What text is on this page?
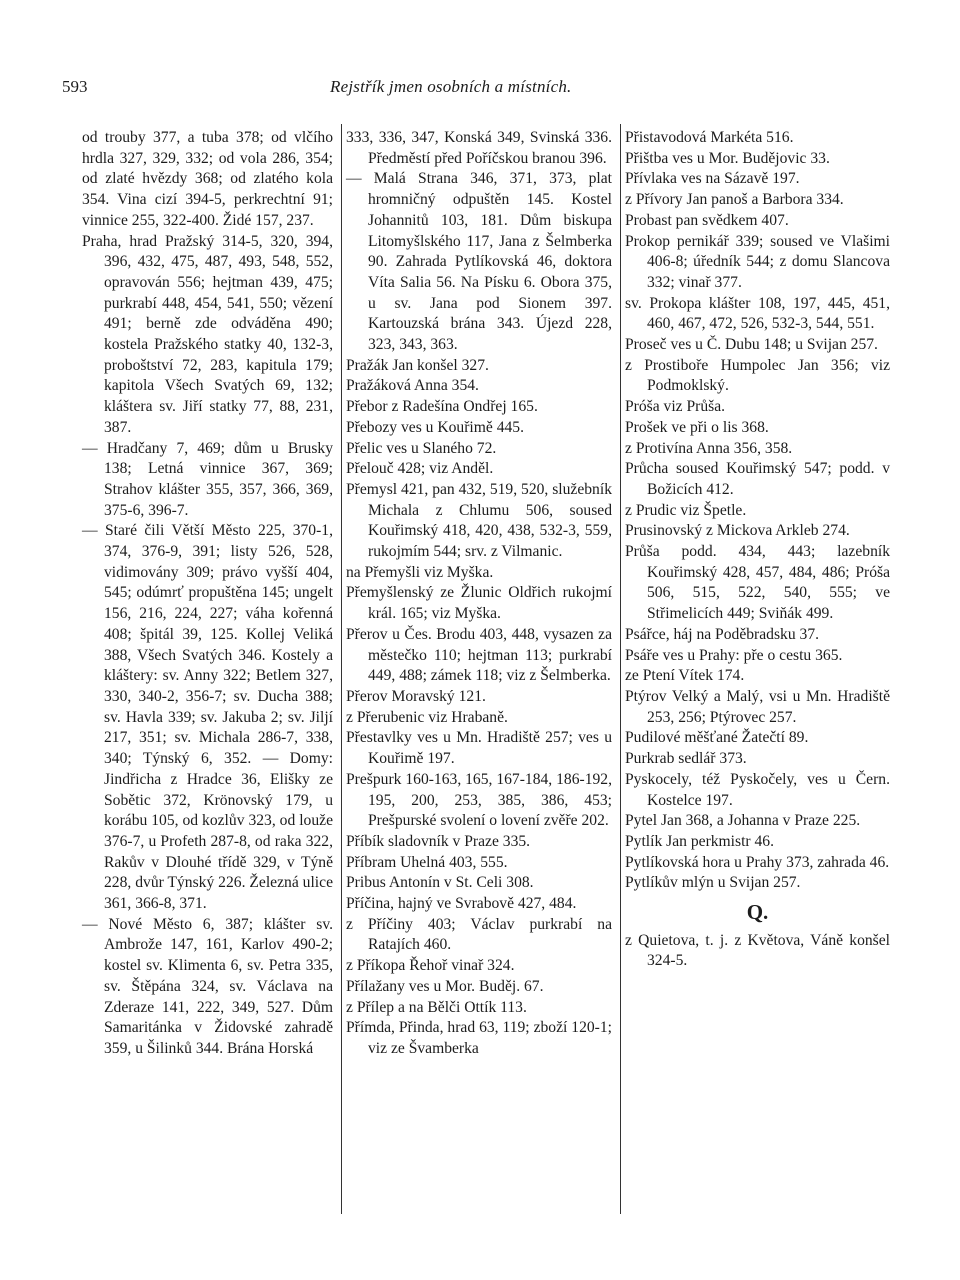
593	Rejstřík jmen osobních a místních.

od trouby 377, a tuba 378; od vlčího hrdla 327, 329, 332; od vola 286, 354; od zlaté hvězdy 368; od zlatého kola 354. Vina cizí 394-5, perkrechtní 91; vinnice 255, 322-400. Židé 157, 237.

Praha, hrad Pražský 314-5, 320, 394, 396, 432, 475, 487, 493, 548, 552, opravován 556; hejtman 439, 475; purkrabí 448, 454, 541, 550; vězení 491; berně zde odváděna 490; kostela Pražského statky 40, 132-3, proboštství 72, 283, kapitula 179; kapitola Všech Svatých 69, 132; kláštera sv. Jiří statky 77, 88, 231, 387.

— Hradčany 7, 469; dům u Brusky 138; Letná vinnice 367, 369; Strahov klášter 355, 357, 366, 369, 375-6, 396-7.

— Staré čili Větší Město 225, 370-1, 374, 376-9, 391; listy 526, 528, vidimovány 309; právo vyšší 404, 545; odúmrť propuštěna 145; ungelt 156, 216, 224, 227; váha kořenná 408; špitál 39, 125. Kollej Veliká 388, Všech Svatých 346. Kostely a kláštery: sv. Anny 322; Betlem 327, 330, 340-2, 356-7; sv. Ducha 388; sv. Havla 339; sv. Jakuba 2; sv. Jiljí 217, 351; sv. Michala 286-7, 338, 340; Týnský 6, 352. — Domy: Jindřicha z Hradce 36, Elišky ze Sobětic 372, Krönovský 179, u korábu 105, od kozlův 323, od louže 376-7, u Profeth 287-8, od raka 322, Rakův v Dlouhé třídě 329, v Týně 228, dvůr Týnský 226. Železná ulice 361, 366-8, 371.

— Nové Město 6, 387; klášter sv. Ambrože 147, 161, Karlov 490-2; kostel sv. Klimenta 6, sv. Petra 335, sv. Štěpána 324, sv. Václava na Zderaze 141, 222, 349, 527. Dům Samaritánka v Židovské zahradě 359, u Šilinků 344. Brána Horská

333, 336, 347, Konská 349, Svinská 336. Předměstí před Poříčskou branou 396.

— Malá Strana 346, 371, 373, plat hromničný odpuštěn 145. Kostel Johannitů 103, 181. Dům biskupa Litomyšlského 117, Jana z Šelmberka 90. Zahrada Pytlíkovská 46, doktora Víta Salia 56. Na Písku 6. Obora 375, u sv. Jana pod Sionem 397. Kartouzská brána 343. Újezd 228, 323, 343, 363.

Pražák Jan konšel 327.

Pražáková Anna 354.

Přebor z Radešína Ondřej 165.

Přebozy ves u Kouřimě 445.

Přelic ves u Slaného 72.

Přelouč 428; viz Anděl.

Přemysl 421, pan 432, 519, 520, služebník Michala z Chlumu 506, soused Kouřimský 418, 420, 438, 532-3, 559, rukojmím 544; srv. z Vilmanic.

na Přemyšli viz Myška.

Přemyšlenský ze Žlunic Oldřich rukojmí král. 165; viz Myška.

Přerov u Čes. Brodu 403, 448, vysazen za městečko 110; hejtman 113; purkrabí 449, 488; zámek 118; viz z Šelmberka.

Přerov Moravský 121.

z Přerubenic viz Hrabaně.

Přestavlky ves u Mn. Hradiště 257; ves u Kouřimě 197.

Prešpurk 160-163, 165, 167-184, 186-192, 195, 200, 253, 385, 386, 453; Prešpurské svolení o lovení zvěře 202.

Příbík sladovník v Praze 335.

Příbram Uhelná 403, 555.

Pribus Antonín v St. Celi 308.

Příčina, hajný ve Svrabově 427, 484.

z Příčiny 403; Václav purkrabí na Ratajích 460.

z Příkopa Řehoř vinař 324.

Přílažany ves u Mor. Buděj. 67.

z Přílep a na Bělči Ottík 113.

Přímda, Přinda, hrad 63, 119; zboží 120-1; viz ze Švamberka

Přistavodová Markéta 516.

Přištba ves u Mor. Budějovic 33.

Přívlaka ves na Sázavě 197.

z Přívory Jan panoš a Barbora 334.

Probast pan svědkem 407.

Prokop pernikář 339; soused ve Vlašimi 406-8; úředník 544; z domu Slancova 332; vinař 377.

sv. Prokopa klášter 108, 197, 445, 451, 460, 467, 472, 526, 532-3, 544, 551.

Proseč ves u Č. Dubu 148; u Svijan 257.

z Prostiboře Humpolec Jan 356; viz Podmoklský.

Próša viz Průša.

Prošek ve při o lis 368.

z Protivína Anna 356, 358.

Průcha soused Kouřimský 547; podd. v Božicích 412.

z Prudic viz Špetle.

Prusinovský z Mickova Arkleb 274.

Průša podd. 434, 443; lazebník Kouřimský 428, 457, 484, 486; Próša 506, 515, 522, 540, 555; ve Střimelicích 449; Sviňák 499.

Psářce, háj na Poděbradsku 37.

Psáře ves u Prahy: pře o cestu 365.

ze Ptení Vítek 174.

Ptýrov Velký a Malý, vsi u Mn. Hradiště 253, 256; Ptýrovec 257.

Pudilové měšťané Žatečtí 89.

Purkrab sedlář 373.

Pyskocely, též Pyskočely, ves u Čern. Kostelce 197.

Pytel Jan 368, a Johanna v Praze 225.

Pytlík Jan perkmistr 46.

Pytlíkovská hora u Prahy 373, zahrada 46.

Pytlíkův mlýn u Svijan 257.

Q.

z Quietova, t. j. z Květova, Váně konšel 324-5.
